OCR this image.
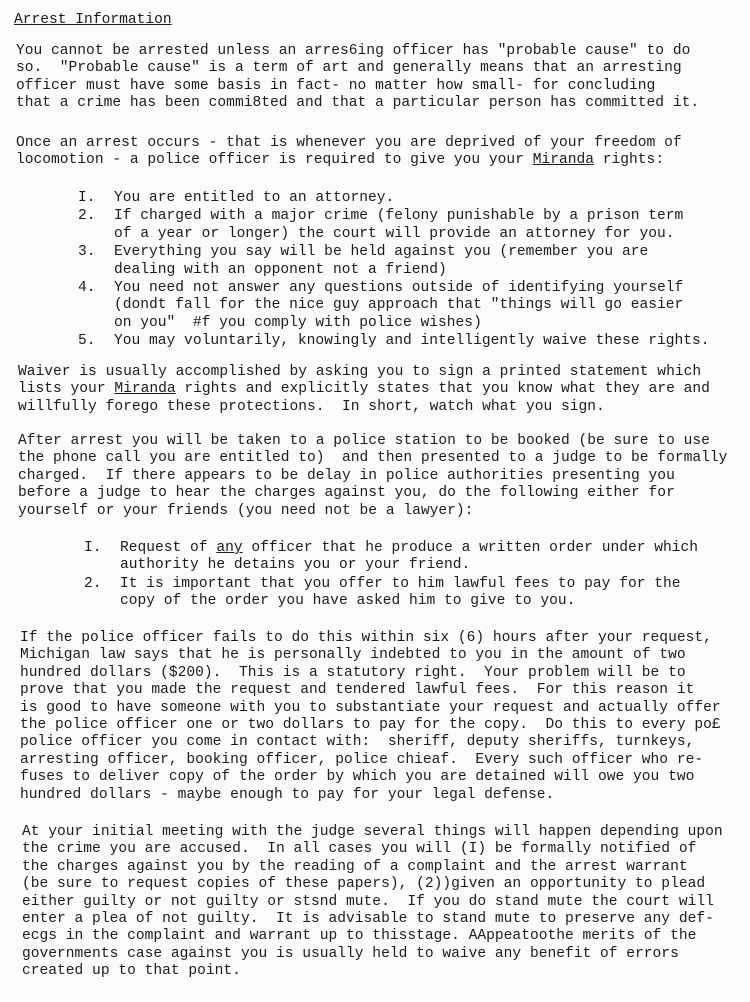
Arrest Information

You cannot be arrested unless an arres6ing officer has "probable cause" to do
so.  "Probable cause" is a term of art and generally means that an arresting
officer must have some basis in fact- no matter how small- for concluding
that a crime has been commi8ted and that a particular person has committed it.

Once an arrest occurs - that is whenever you are deprived of your freedom of
locomotion - a police officer is required to give you your Miranda rights:

I.	You are entitled to an attorney.
2.	If charged with a major crime (felony punishable by a prison term
of a year or longer) the court will provide an attorney for you.
3.	Everything you say will be held against you (remember you are
dealing with an opponent not a friend)
4.	You need not answer any questions outside of identifying yourself
(dondt fall for the nice guy approach that "things will go easier
on you"  #f you comply with police wishes)
5.	You may voluntarily, knowingly and intelligently waive these rights.

Waiver is usually accomplished by asking you to sign a printed statement which
lists your Miranda rights and explicitly states that you know what they are and
willfully forego these protections.  In short, watch what you sign.

After arrest you will be taken to a police station to be booked (be sure to use
the phone call you are entitled to)  and then presented to a judge to be formally
charged.  If there appears to be delay in police authorities presenting you
before a judge to hear the charges against you, do the following either for
yourself or your friends (you need not be a lawyer):

I.	Request of any officer that he produce a written order under which
authority he detains you or your friend.
2.	It is important that you offer to him lawful fees to pay for the
copy of the order you have asked him to give to you.

If the police officer fails to do this within six (6) hours after your request,
Michigan law says that he is personally indebted to you in the amount of two
hundred dollars ($200).  This is a statutory right.  Your problem will be to
prove that you made the request and tendered lawful fees.  For this reason it
is good to have someone with you to substantiate your request and actually offer
the police officer one or two dollars to pay for the copy.  Do this to every po£
police officer you come in contact with:  sheriff, deputy sheriffs, turnkeys,
arresting officer, booking officer, police chieaf.  Every such officer who re-
fuses to deliver copy of the order by which you are detained will owe you two
hundred dollars - maybe enough to pay for your legal defense.

At your initial meeting with the judge several things will happen depending upon
the crime you are accused.  In all cases you will (I) be formally notified of
the charges against you by the reading of a complaint and the arrest warrant
(be sure to request copies of these papers), (2))given an opportunity to plead
either guilty or not guilty or stsnd mute.  If you do stand mute the court will
enter a plea of not guilty.  It is advisable to stand mute to preserve any def-
ecgs in the complaint and warrant up to thisstage. AAppeatoothe merits of the
governments case against you is usually held to waive any benefit of errors
created up to that point.
